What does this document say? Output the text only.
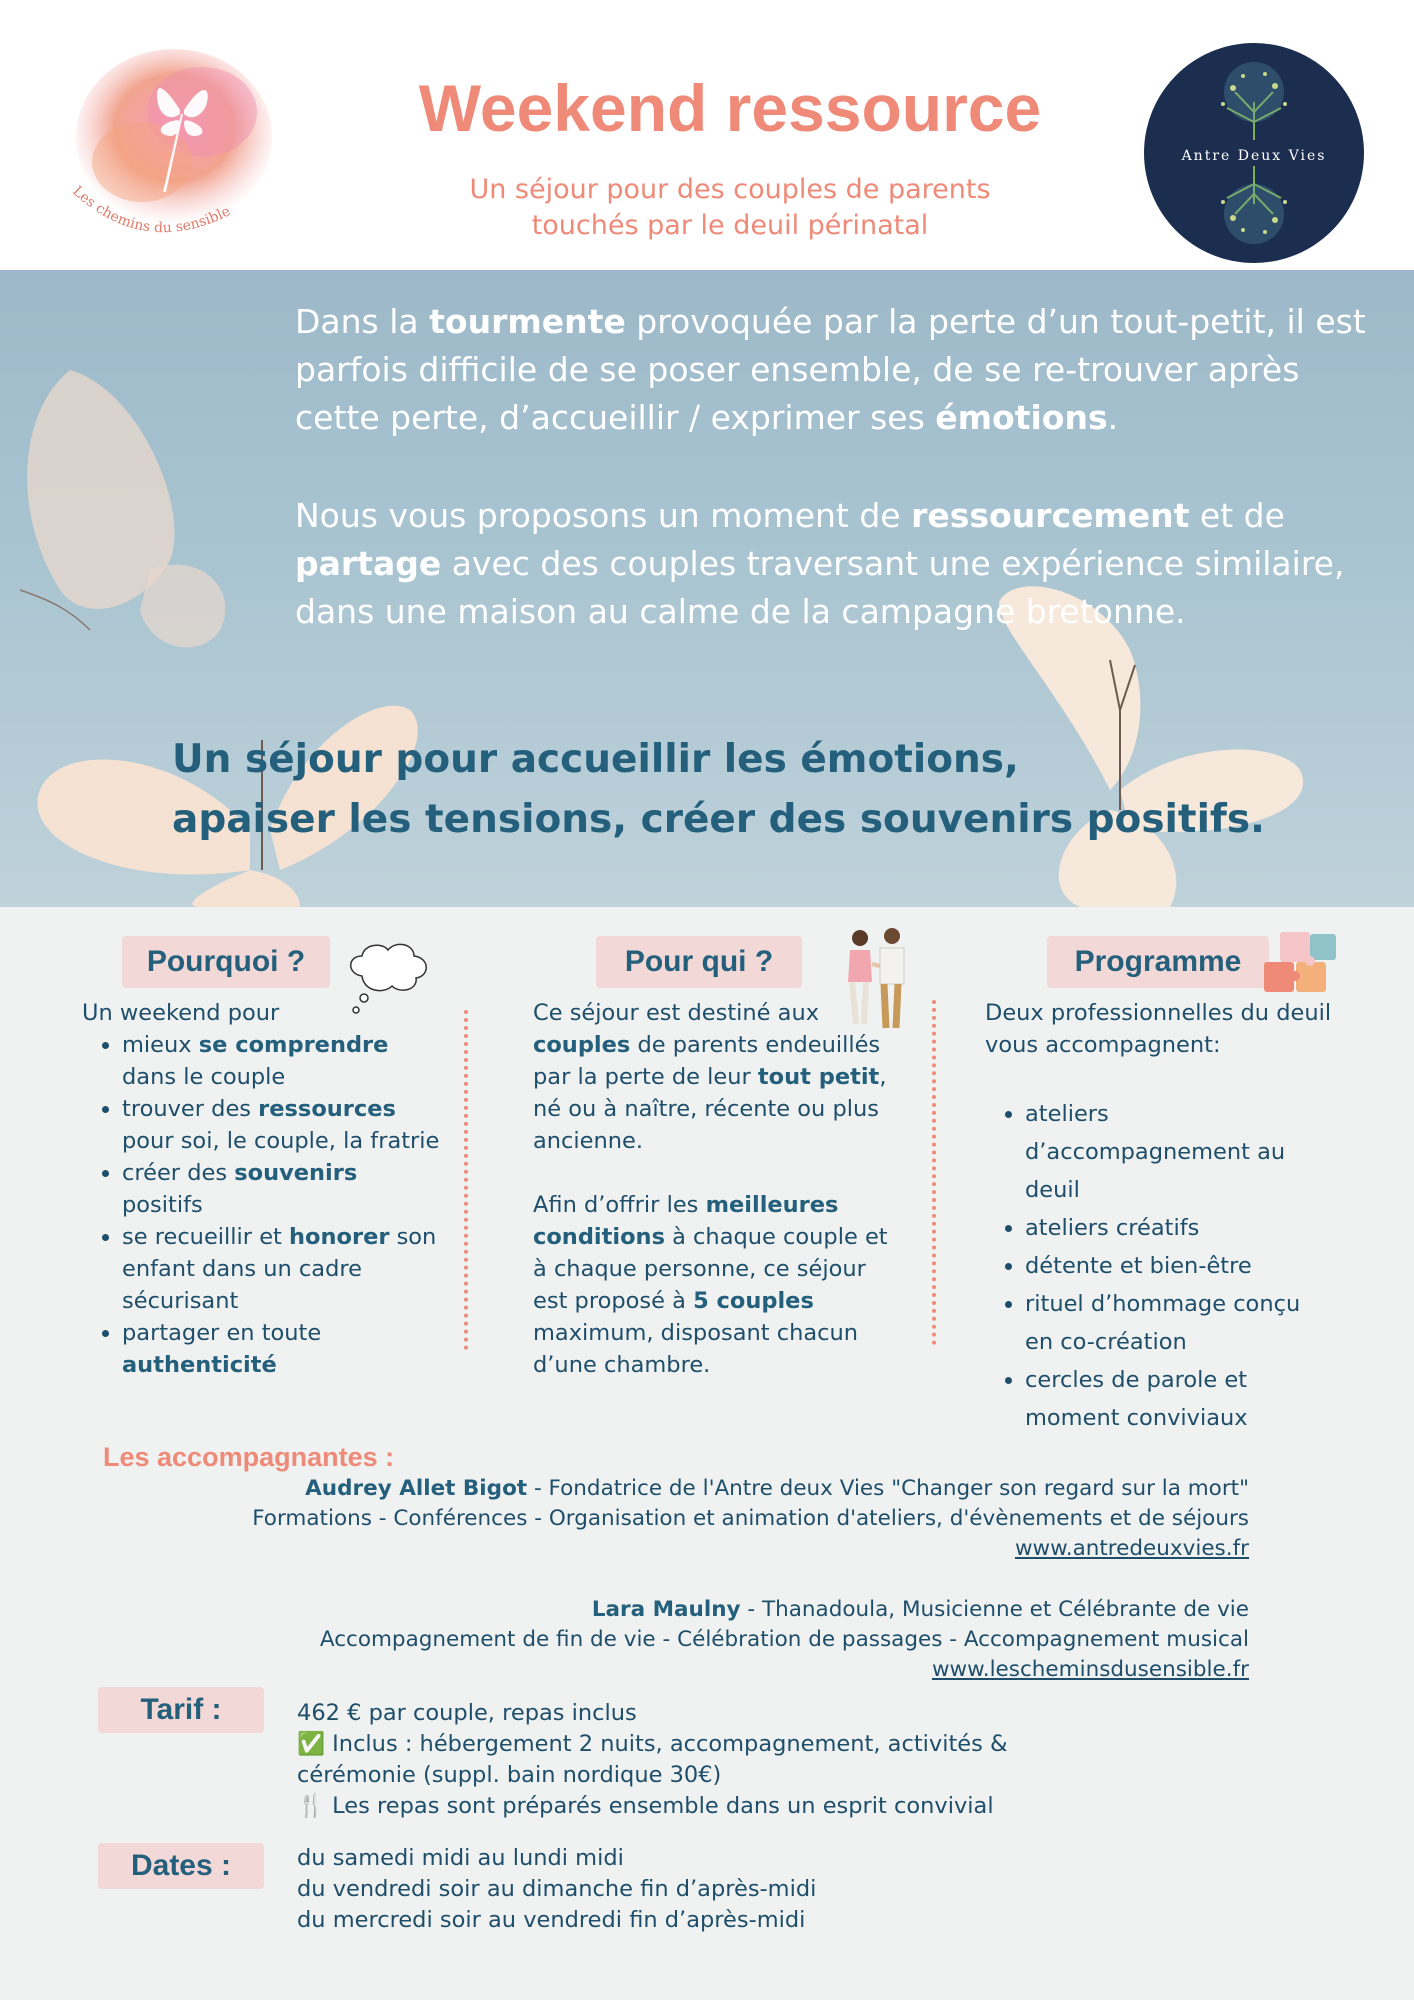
Les chemins du sensible
Weekend ressource
Un séjour pour des couples de parents
touchés par le deuil périnatal
Antre Deux Vies

Dans la tourmente provoquée par la perte d’un tout-petit, il est parfois difficile de se poser ensemble, de se re-trouver après cette perte, d’accueillir / exprimer ses émotions.

Nous vous proposons un moment de ressourcement et de partage avec des couples traversant une expérience similaire, dans une maison au calme de la campagne bretonne.

Un séjour pour accueillir les émotions,
apaiser les tensions, créer des souvenirs positifs.
Pourquoi ?
Un weekend pour
• mieux se comprendre dans le couple
• trouver des ressources pour soi, le couple, la fratrie
• créer des souvenirs positifs
• se recueillir et honorer son enfant dans un cadre sécurisant
• partager en toute authenticité
Pour qui ?
Ce séjour est destiné aux couples de parents endeuillés par la perte de leur tout petit, né ou à naître, récente ou plus ancienne.
Afin d’offrir les meilleures conditions à chaque couple et à chaque personne, ce séjour est proposé à 5 couples maximum, disposant chacun d’une chambre.
Programme
Deux professionnelles du deuil vous accompagnent:
• ateliers d’accompagnement au deuil
• ateliers créatifs
• détente et bien-être
• rituel d’hommage conçu en co-création
• cercles de parole et moment conviviaux
Les accompagnantes :
Audrey Allet Bigot - Fondatrice de l'Antre deux Vies "Changer son regard sur la mort"
Formations - Conférences - Organisation et animation d'ateliers, d'évènements et de séjours
www.antredeuxvies.fr
Lara Maulny - Thanadoula, Musicienne et Célébrante de vie
Accompagnement de fin de vie - Célébration de passages - Accompagnement musical
www.lescheminsdusensible.fr
Tarif :	462 € par couple, repas inclus
✅ Inclus : hébergement 2 nuits, accompagnement, activités &
cérémonie (suppl. bain nordique 30€)
🍴 Les repas sont préparés ensemble dans un esprit convivial
Dates :	du samedi midi au lundi midi
du vendredi soir au dimanche fin d’après-midi
du mercredi soir au vendredi fin d’après-midi
